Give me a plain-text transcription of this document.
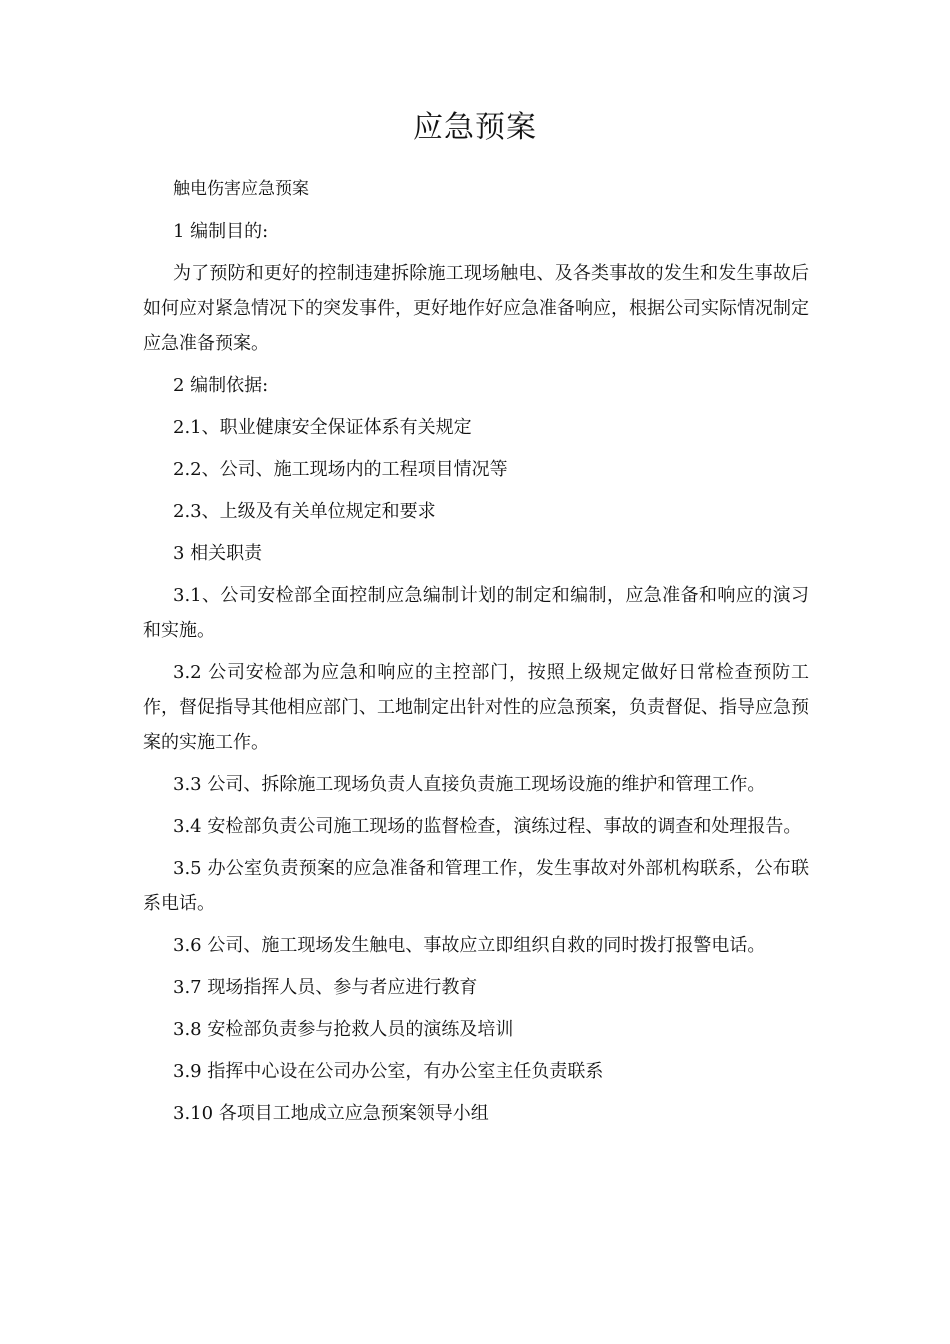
应急预案

触电伤害应急预案

1 编制目的:

为了预防和更好的控制违建拆除施工现场触电、及各类事故的发生和发生事故后如何应对紧急情况下的突发事件，更好地作好应急准备响应，根据公司实际情况制定应急准备预案。

2 编制依据:

2.1、职业健康安全保证体系有关规定

2.2、公司、施工现场内的工程项目情况等

2.3、上级及有关单位规定和要求

3 相关职责

3.1、公司安检部全面控制应急编制计划的制定和编制，应急准备和响应的演习和实施。

3.2 公司安检部为应急和响应的主控部门，按照上级规定做好日常检查预防工作，督促指导其他相应部门、工地制定出针对性的应急预案，负责督促、指导应急预案的实施工作。

3.3 公司、拆除施工现场负责人直接负责施工现场设施的维护和管理工作。

3.4 安检部负责公司施工现场的监督检查，演练过程、事故的调查和处理报告。

3.5 办公室负责预案的应急准备和管理工作，发生事故对外部机构联系，公布联系电话。

3.6 公司、施工现场发生触电、事故应立即组织自救的同时拨打报警电话。

3.7 现场指挥人员、参与者应进行教育

3.8 安检部负责参与抢救人员的演练及培训

3.9 指挥中心设在公司办公室，有办公室主任负责联系

3.10 各项目工地成立应急预案领导小组
